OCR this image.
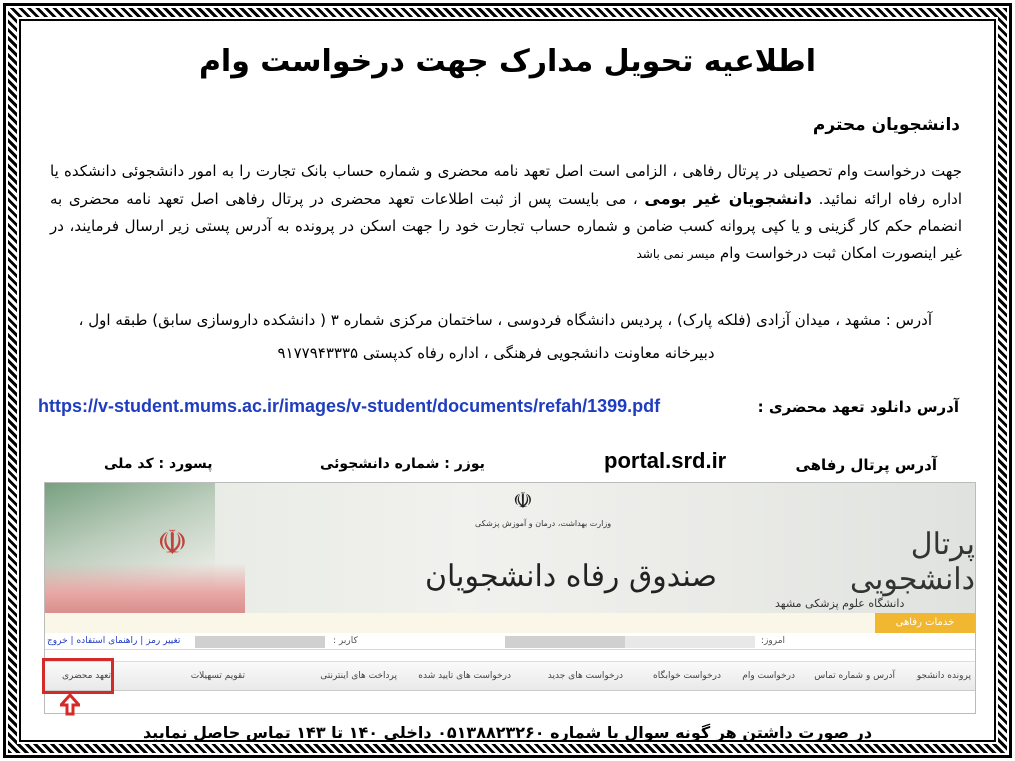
اطلاعیه تحویل مدارک جهت درخواست وام
دانشجویان محترم
جهت درخواست وام تحصیلی در پرتال رفاهی ، الزامی است اصل تعهد نامه محضری و شماره حساب بانک تجارت را به امور دانشجوئی دانشکده یا اداره رفاه ارائه نمائید. دانشجویان غیر بومی ، می بایست پس از ثبت اطلاعات تعهد محضری در پرتال رفاهی اصل تعهد نامه محضری به انضمام حکم کار گزینی و یا کپی پروانه کسب ضامن و شماره حساب تجارت خود را جهت اسکن در پرونده به آدرس پستی زیر ارسال فرمایند، در غیر اینصورت امکان ثبت درخواست وام میسر نمی باشد
آدرس : مشهد ، میدان آزادی (فلکه پارک) ، پردیس دانشگاه فردوسی ، ساختمان مرکزی شماره ۳ ( دانشکده داروسازی سابق) طبقه اول ،
دبیرخانه معاونت دانشجویی فرهنگی ، اداره رفاه کدپستی ۹۱۷۷۹۴۳۳۳۵
آدرس دانلود تعهد محضری :
https://v-student.mums.ac.ir/images/v-student/documents/refah/1399.pdf
آدرس پرتال رفاهی
portal.srd.ir
یوزر : شماره دانشجوئی
پسورد : کد ملی
☫
☫
وزارت بهداشت، درمان و آموزش پزشکی
صندوق رفاه دانشجویان
پرتال دانشجویی
دانشگاه علوم پزشکی مشهد
خدمات رفاهی
تغییر رمز | راهنمای استفاده | خروج	کاربر :	امروز:
پرونده دانشجو
آدرس و شماره تماس
درخواست وام
درخواست خوابگاه
درخواست های جدید
درخواست های تایید شده
پرداخت های اینترنتی
تقویم تسهیلات
تعهد محضری
در صورت داشتن هر گونه سوال با شماره ۰۵۱۳۸۸۲۳۲۶۰ داخلی ۱۴۰ تا ۱۴۳ تماس حاصل نمایید
